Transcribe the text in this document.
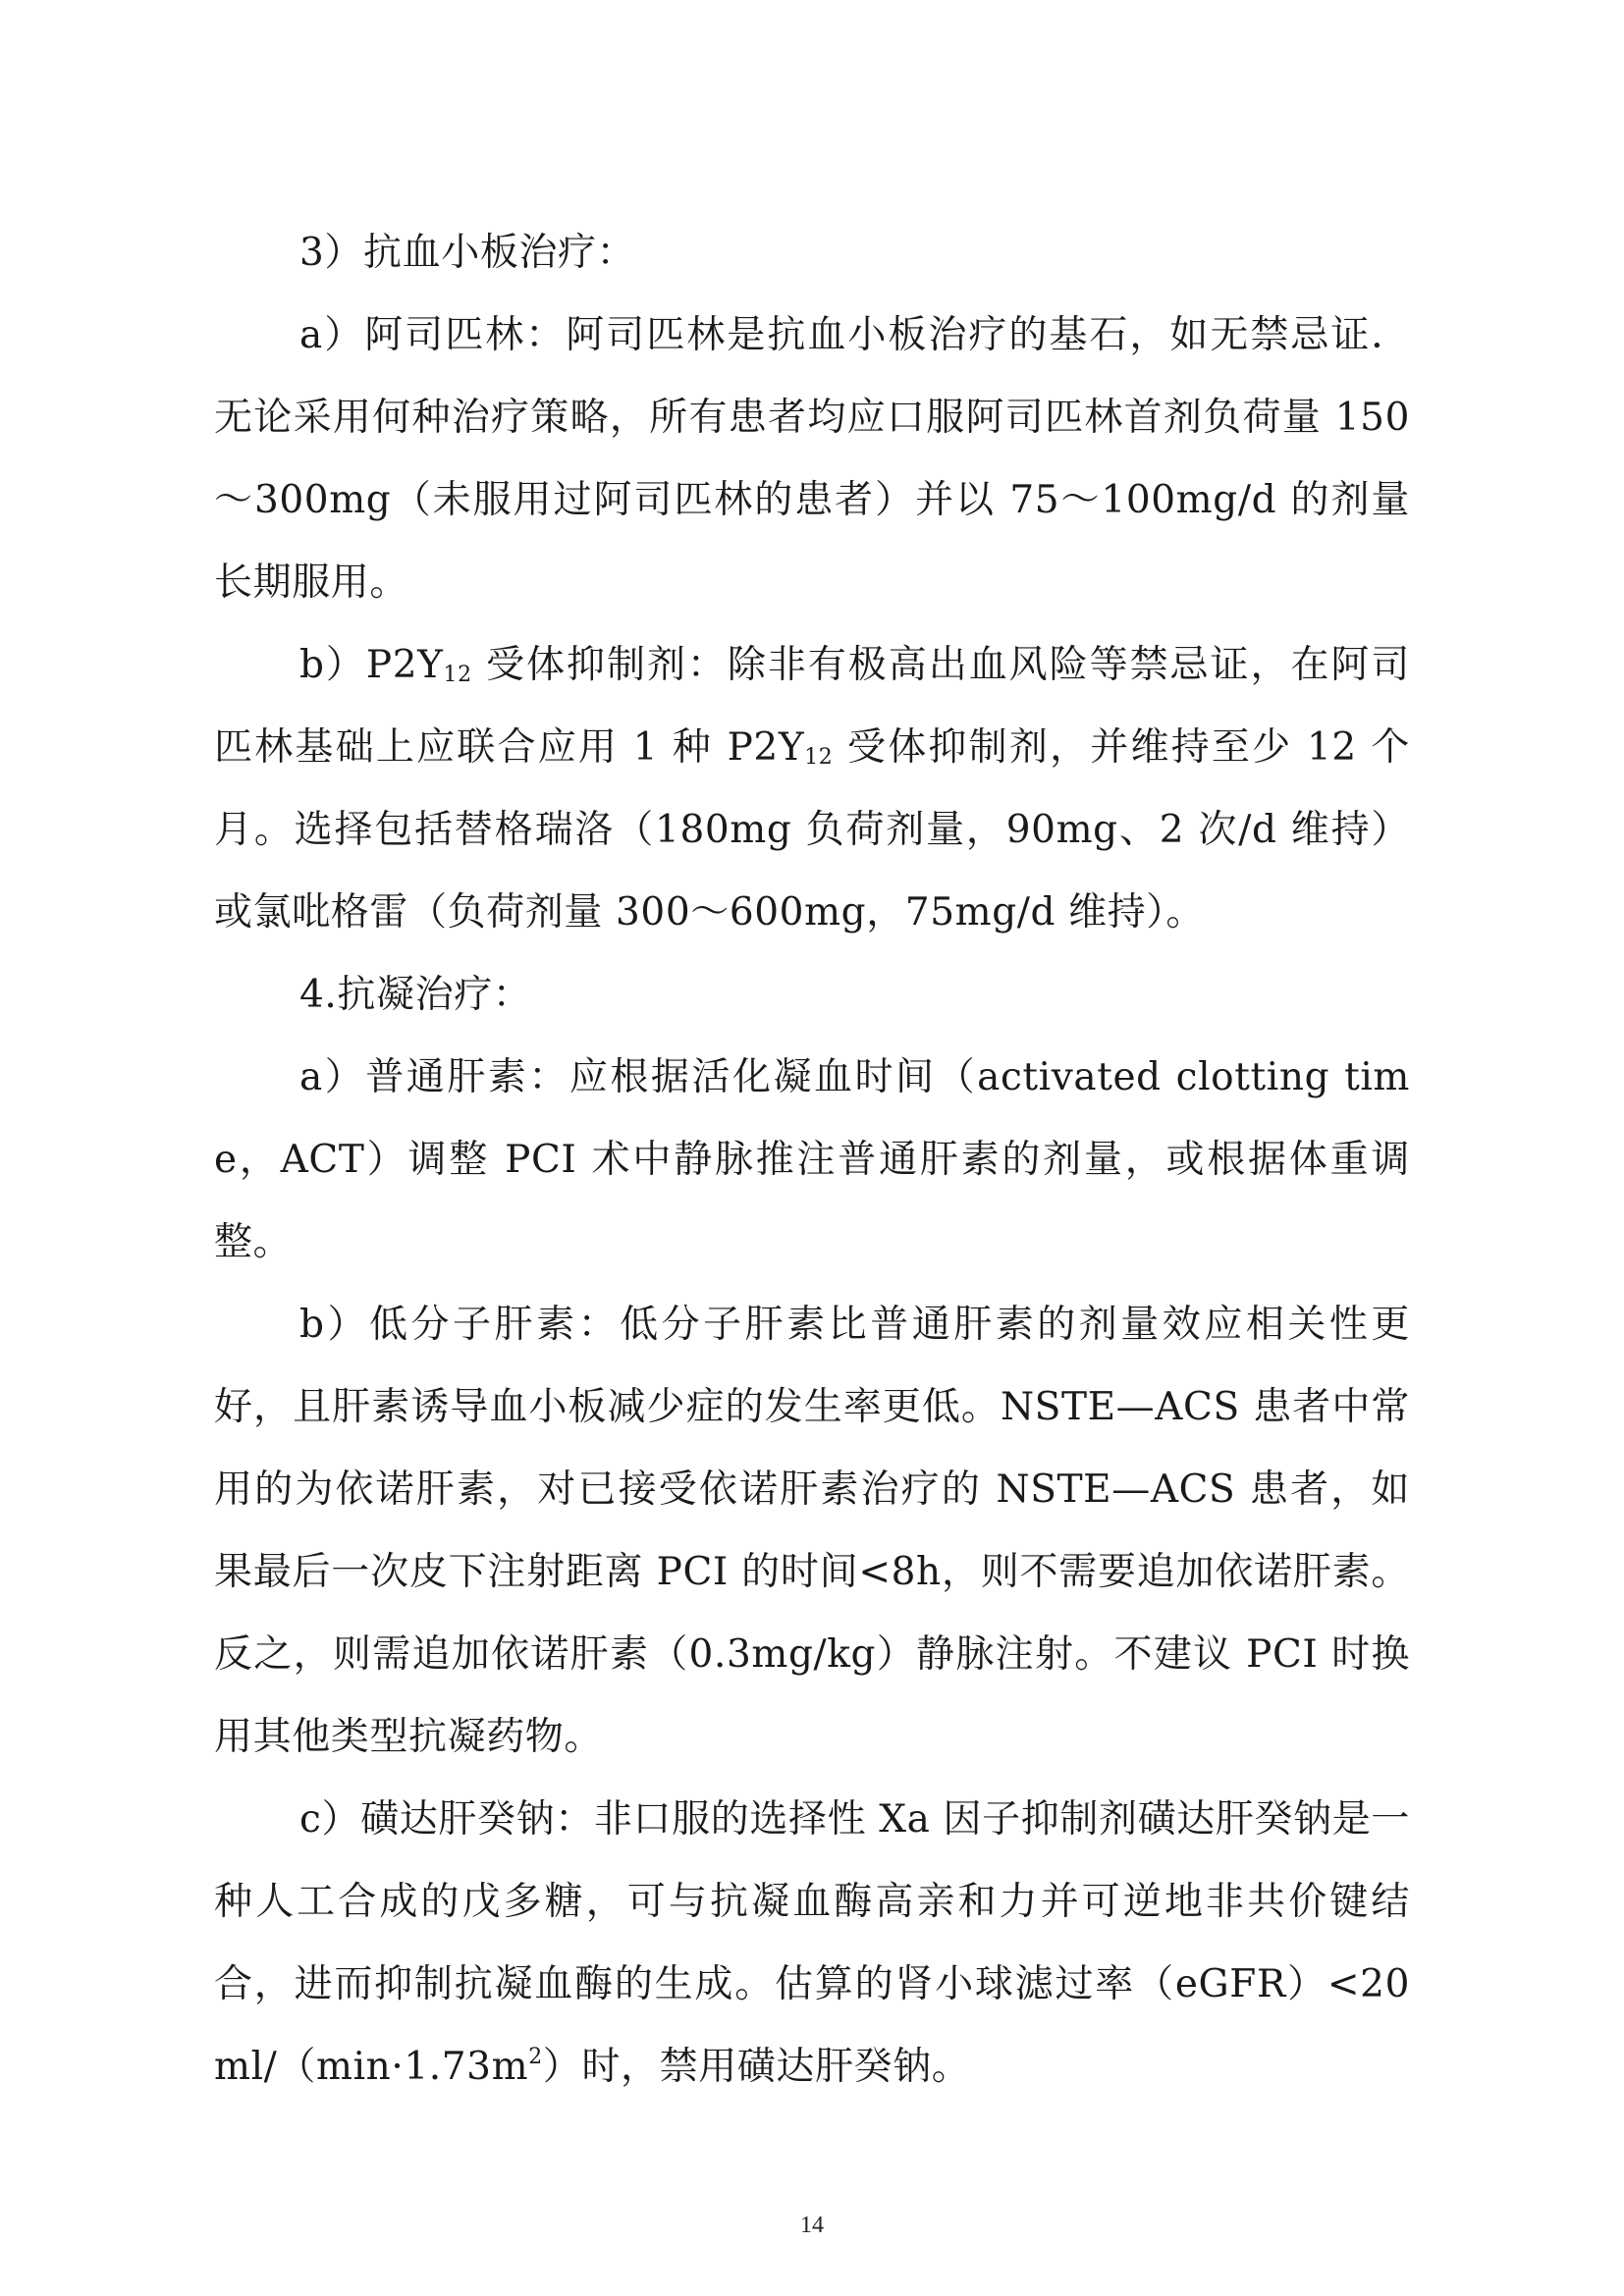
3）抗血小板治疗：

a）阿司匹林：阿司匹林是抗血小板治疗的基石，如无禁忌证．无论采用何种治疗策略，所有患者均应口服阿司匹林首剂负荷量 150～300mg（未服用过阿司匹林的患者）并以 75～100mg/d 的剂量长期服用。

$b)P2Y_{12}$ 受体抑制剂：除非有极高出血风险等禁忌证，在阿司匹林基础上应联合应用 1 种 $P2Y_{12}$ 受体抑制剂，并维持至少 12 个月。选择包括替格瑞洛（180mg 负荷剂量，90mg、2 次/d 维持）或氯吡格雷（负荷剂量 300～600mg，75mg/d 维持）。

4.抗凝治疗：

a）普通肝素：应根据活化凝血时间（activated clotting time，ACT）调整 PCI 术中静脉推注普通肝素的剂量，或根据体重调整。

b）低分子肝素：低分子肝素比普通肝素的剂量效应相关性更好，且肝素诱导血小板减少症的发生率更低。NSTE—ACS 患者中常用的为依诺肝素，对已接受依诺肝素治疗的 NSTE—ACS 患者，如果最后一次皮下注射距离 PCI 的时间<8h，则不需要追加依诺肝素。反之，则需追加依诺肝素（0.3mg/kg）静脉注射。不建议 PCI 时换用其他类型抗凝药物。

c）磺达肝癸钠：非口服的选择性 Xa 因子抑制剂磺达肝癸钠是一种人工合成的戊多糖，可与抗凝血酶高亲和力并可逆地非共价键结合，进而抑制抗凝血酶的生成。估算的肾小球滤过率$(eGFR)<20ml/(\min\cdot 1.73m^2)$时，禁用磺达肝癸钠。

14
